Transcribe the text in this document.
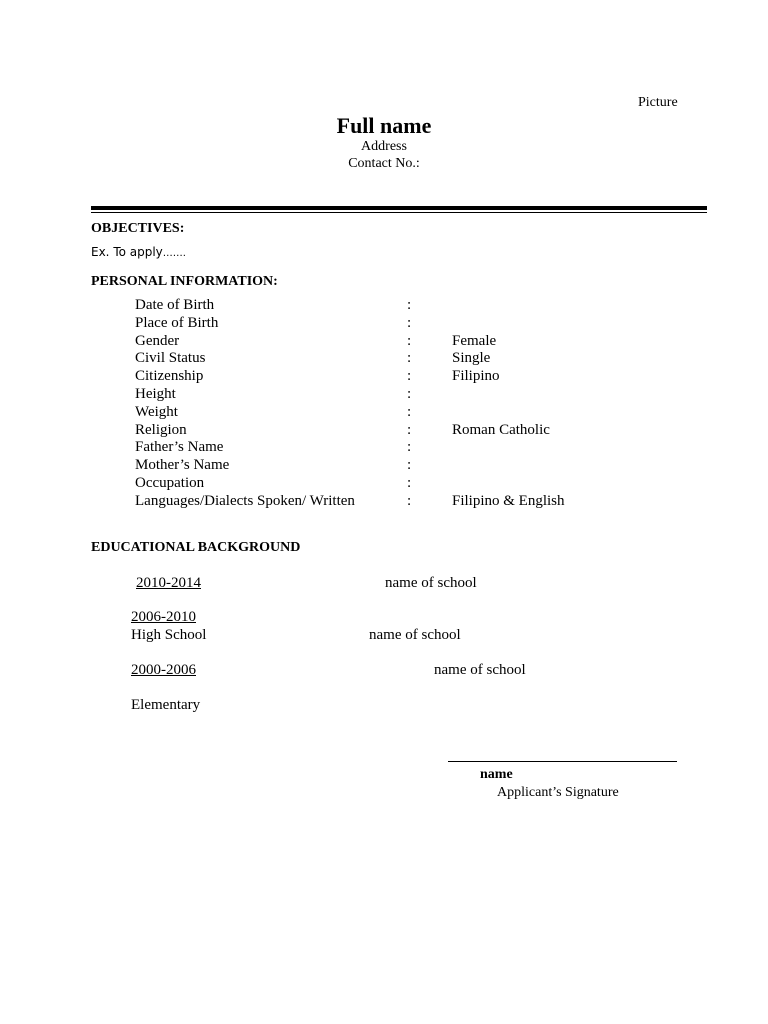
Picture
Full name
Address
Contact No.:
OBJECTIVES:
Ex. To apply…….
PERSONAL INFORMATION:
Date of Birth	:	
Place of Birth	:	
Gender	:	Female
Civil Status	:	Single
Citizenship	:	Filipino
Height	:	
Weight	:	
Religion	:	Roman Catholic
Father’s Name	:	
Mother’s Name	:	
Occupation	:	
Languages/Dialects Spoken/ Written	:	Filipino & English
EDUCATIONAL BACKGROUND
2010-2014	name of school
2006-2010
High School	name of school
2000-2006	name of school
Elementary
name
Applicant’s Signature
